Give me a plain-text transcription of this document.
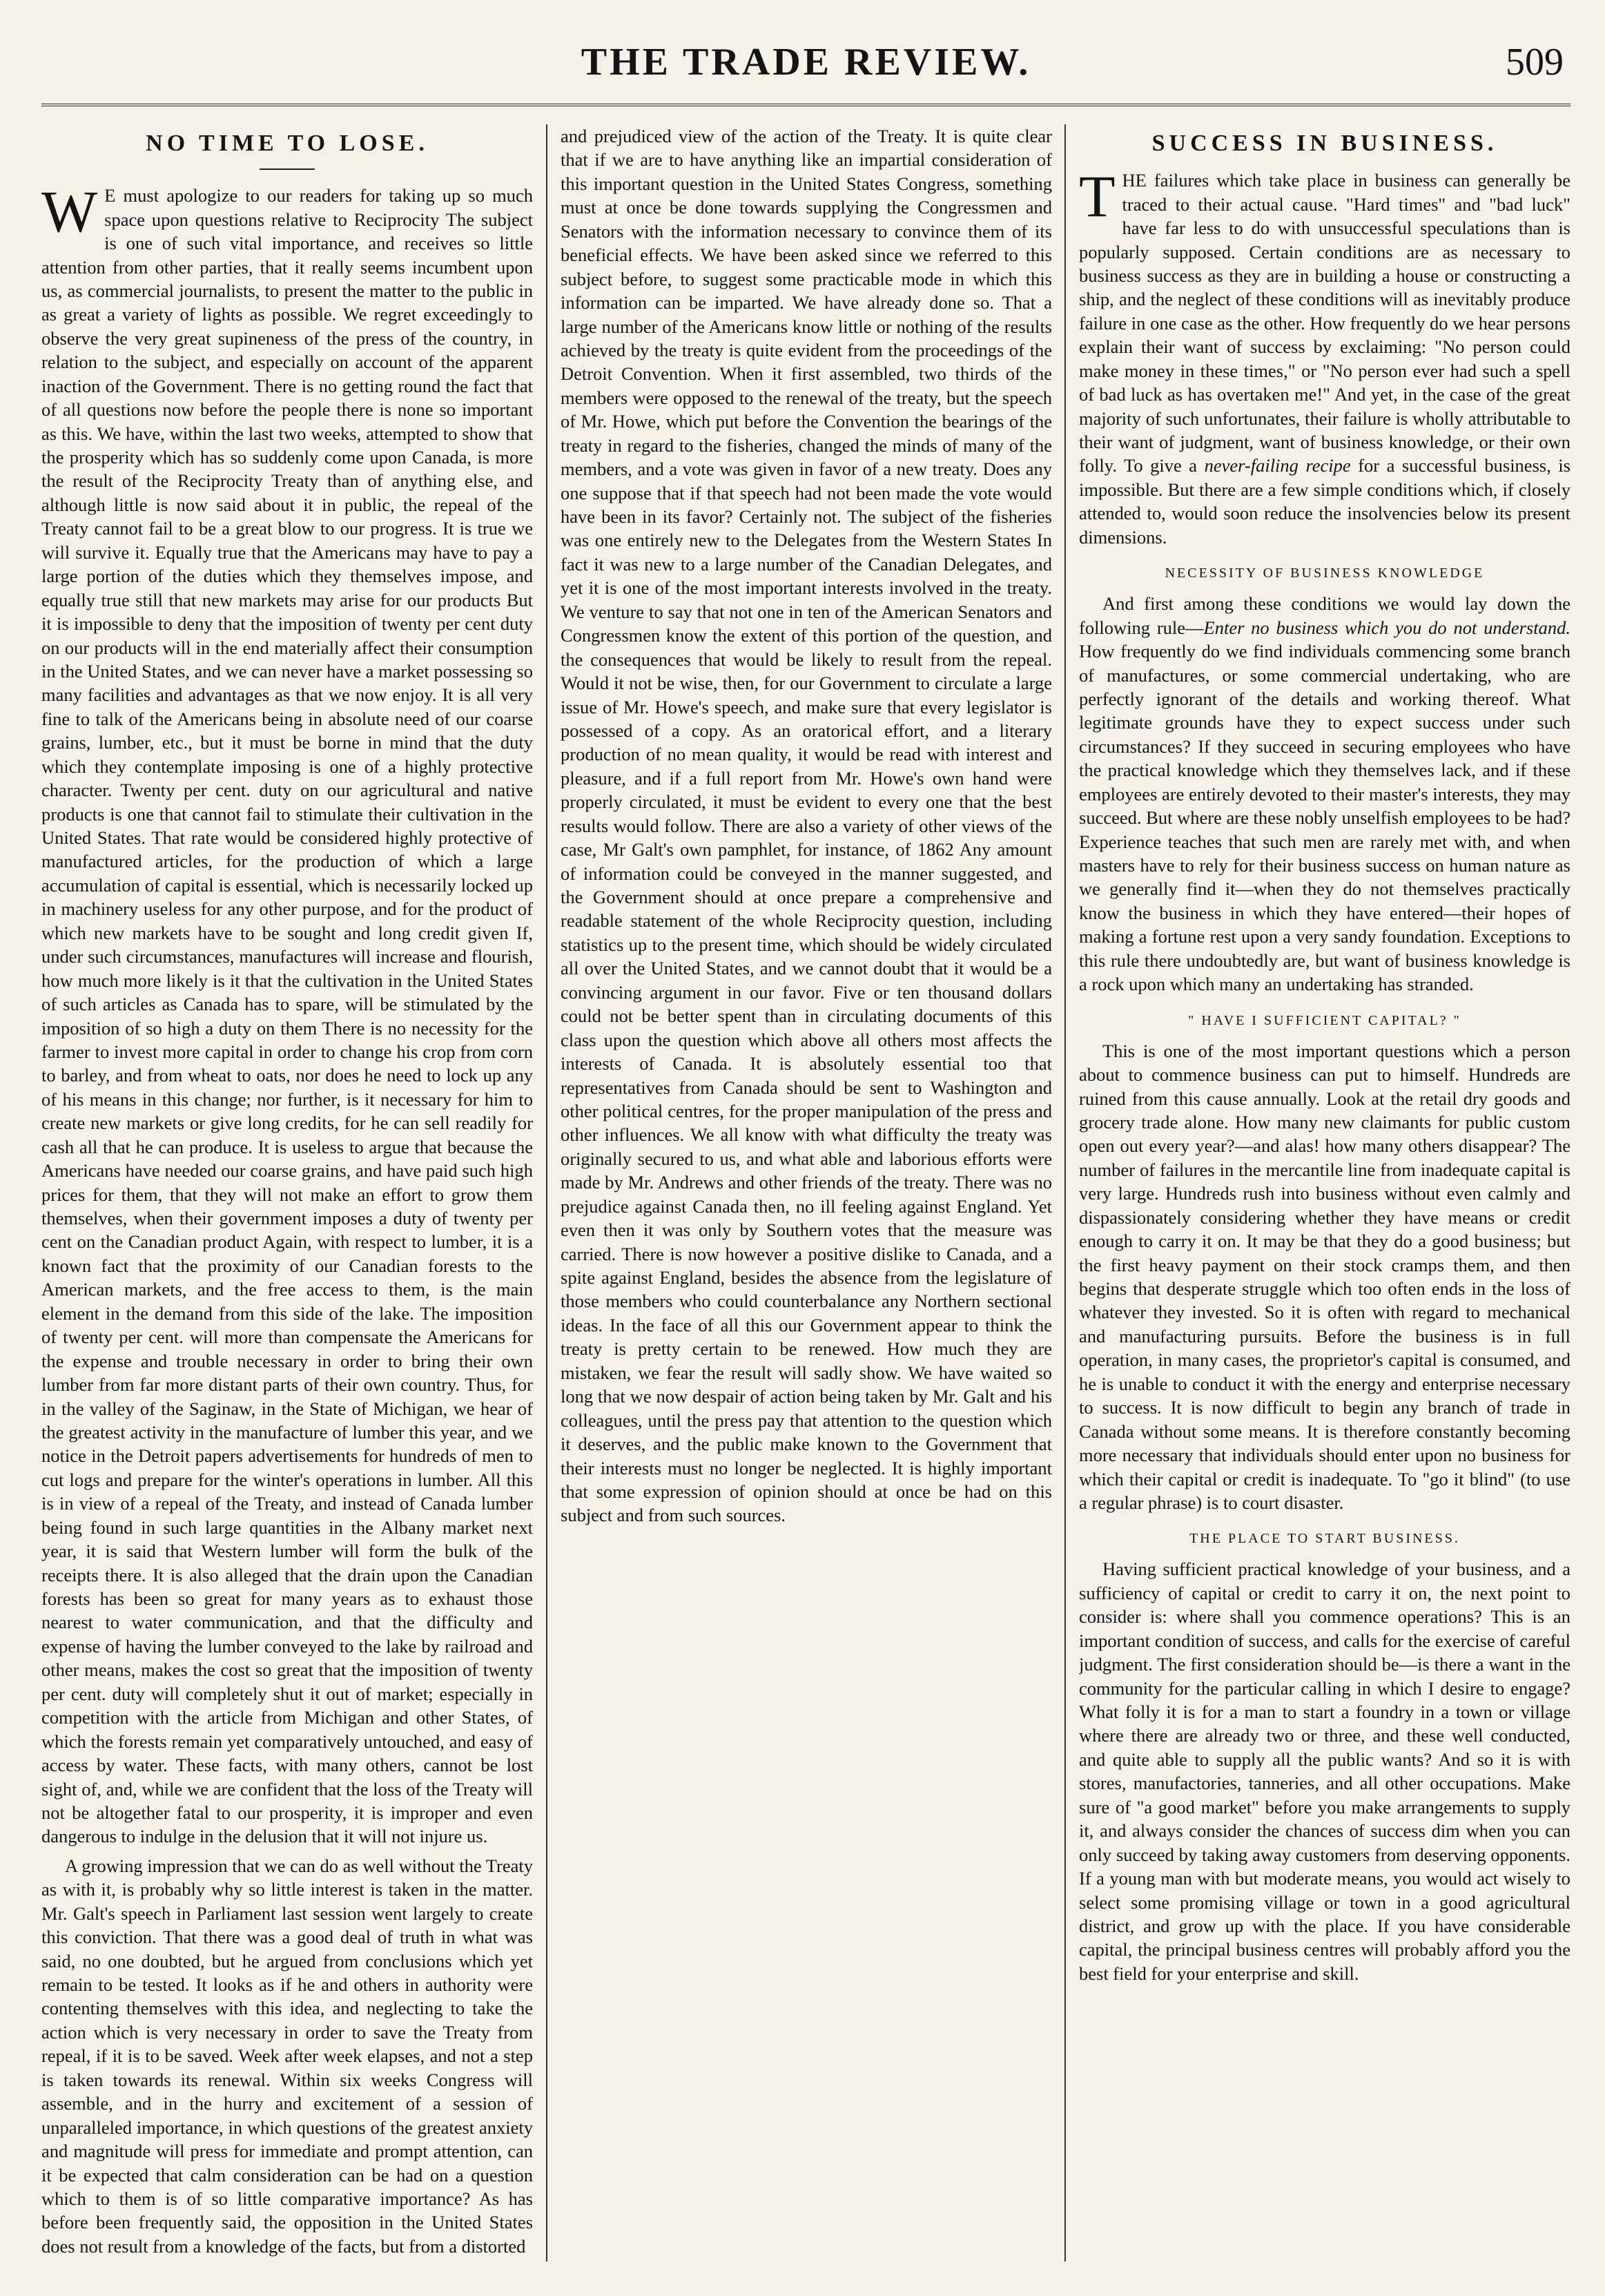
THE TRADE REVIEW.	509
NO TIME TO LOSE.

W E must apologize to our readers for taking up so much space upon questions relative to Reciprocity The subject is one of such vital importance, and receives so little attention from other parties, that it really seems incumbent upon us, as commercial journalists, to present the matter to the public in as great a variety of lights as possible. We regret exceedingly to observe the very great supineness of the press of the country, in relation to the subject, and especially on account of the apparent inaction of the Government. There is no getting round the fact that of all questions now before the people there is none so important as this. We have, within the last two weeks, attempted to show that the prosperity which has so suddenly come upon Canada, is more the result of the Reciprocity Treaty than of anything else, and although little is now said about it in public, the repeal of the Treaty cannot fail to be a great blow to our progress. It is true we will survive it. Equally true that the Americans may have to pay a large portion of the duties which they themselves impose, and equally true still that new markets may arise for our products But it is impossible to deny that the imposition of twenty per cent duty on our products will in the end materially affect their consumption in the United States, and we can never have a market possessing so many facilities and advantages as that we now enjoy. It is all very fine to talk of the Americans being in absolute need of our coarse grains, lumber, etc., but it must be borne in mind that the duty which they contemplate imposing is one of a highly protective character. Twenty per cent. duty on our agricultural and native products is one that cannot fail to stimulate their cultivation in the United States. That rate would be considered highly protective of manufactured articles, for the production of which a large accumulation of capital is essential, which is necessarily locked up in machinery useless for any other purpose, and for the product of which new markets have to be sought and long credit given If, under such circumstances, manufactures will increase and flourish, how much more likely is it that the cultivation in the United States of such articles as Canada has to spare, will be stimulated by the imposition of so high a duty on them There is no necessity for the farmer to invest more capital in order to change his crop from corn to barley, and from wheat to oats, nor does he need to lock up any of his means in this change; nor further, is it necessary for him to create new markets or give long credits, for he can sell readily for cash all that he can produce. It is useless to argue that because the Americans have needed our coarse grains, and have paid such high prices for them, that they will not make an effort to grow them themselves, when their government imposes a duty of twenty per cent on the Canadian product Again, with respect to lumber, it is a known fact that the proximity of our Canadian forests to the American markets, and the free access to them, is the main element in the demand from this side of the lake. The imposition of twenty per cent. will more than compensate the Americans for the expense and trouble necessary in order to bring their own lumber from far more distant parts of their own country. Thus, for in the valley of the Saginaw, in the State of Michigan, we hear of the greatest activity in the manufacture of lumber this year, and we notice in the Detroit papers advertisements for hundreds of men to cut logs and prepare for the winter's operations in lumber. All this is in view of a repeal of the Treaty, and instead of Canada lumber being found in such large quantities in the Albany market next year, it is said that Western lumber will form the bulk of the receipts there. It is also alleged that the drain upon the Canadian forests has been so great for many years as to exhaust those nearest to water communication, and that the difficulty and expense of having the lumber conveyed to the lake by railroad and other means, makes the cost so great that the imposition of twenty per cent. duty will completely shut it out of market; especially in competition with the article from Michigan and other States, of which the forests remain yet comparatively untouched, and easy of access by water. These facts, with many others, cannot be lost sight of, and, while we are confident that the loss of the Treaty will not be altogether fatal to our prosperity, it is improper and even dangerous to indulge in the delusion that it will not injure us.

A growing impression that we can do as well without the Treaty as with it, is probably why so little interest is taken in the matter. Mr. Galt's speech in Parliament last session went largely to create this conviction. That there was a good deal of truth in what was said, no one doubted, but he argued from conclusions which yet remain to be tested. It looks as if he and others in authority were contenting themselves with this idea, and neglecting to take the action which is very necessary in order to save the Treaty from repeal, if it is to be saved. Week after week elapses, and not a step is taken towards its renewal. Within six weeks Congress will assemble, and in the hurry and excitement of a session of unparalleled importance, in which questions of the greatest anxiety and magnitude will press for immediate and prompt attention, can it be expected that calm consideration can be had on a question which to them is of so little comparative importance? As has before been frequently said, the opposition in the United States does not result from a knowledge of the facts, but from a distorted

and prejudiced view of the action of the Treaty. It is quite clear that if we are to have anything like an impartial consideration of this important question in the United States Congress, something must at once be done towards supplying the Congressmen and Senators with the information necessary to convince them of its beneficial effects. We have been asked since we referred to this subject before, to suggest some practicable mode in which this information can be imparted. We have already done so. That a large number of the Americans know little or nothing of the results achieved by the treaty is quite evident from the proceedings of the Detroit Convention. When it first assembled, two thirds of the members were opposed to the renewal of the treaty, but the speech of Mr. Howe, which put before the Convention the bearings of the treaty in regard to the fisheries, changed the minds of many of the members, and a vote was given in favor of a new treaty. Does any one suppose that if that speech had not been made the vote would have been in its favor? Certainly not. The subject of the fisheries was one entirely new to the Delegates from the Western States In fact it was new to a large number of the Canadian Delegates, and yet it is one of the most important interests involved in the treaty. We venture to say that not one in ten of the American Senators and Congressmen know the extent of this portion of the question, and the consequences that would be likely to result from the repeal. Would it not be wise, then, for our Government to circulate a large issue of Mr. Howe's speech, and make sure that every legislator is possessed of a copy. As an oratorical effort, and a literary production of no mean quality, it would be read with interest and pleasure, and if a full report from Mr. Howe's own hand were properly circulated, it must be evident to every one that the best results would follow. There are also a variety of other views of the case, Mr Galt's own pamphlet, for instance, of 1862 Any amount of information could be conveyed in the manner suggested, and the Government should at once prepare a comprehensive and readable statement of the whole Reciprocity question, including statistics up to the present time, which should be widely circulated all over the United States, and we cannot doubt that it would be a convincing argument in our favor. Five or ten thousand dollars could not be better spent than in circulating documents of this class upon the question which above all others most affects the interests of Canada. It is absolutely essential too that representatives from Canada should be sent to Washington and other political centres, for the proper manipulation of the press and other influences. We all know with what difficulty the treaty was originally secured to us, and what able and laborious efforts were made by Mr. Andrews and other friends of the treaty. There was no prejudice against Canada then, no ill feeling against England. Yet even then it was only by Southern votes that the measure was carried. There is now however a positive dislike to Canada, and a spite against England, besides the absence from the legislature of those members who could counterbalance any Northern sectional ideas. In the face of all this our Government appear to think the treaty is pretty certain to be renewed. How much they are mistaken, we fear the result will sadly show. We have waited so long that we now despair of action being taken by Mr. Galt and his colleagues, until the press pay that attention to the question which it deserves, and the public make known to the Government that their interests must no longer be neglected. It is highly important that some expression of opinion should at once be had on this subject and from such sources.

SUCCESS IN BUSINESS.

THE failures which take place in business can generally be traced to their actual cause. "Hard times" and "bad luck" have far less to do with unsuccessful speculations than is popularly supposed. Certain conditions are as necessary to business success as they are in building a house or constructing a ship, and the neglect of these conditions will as inevitably produce failure in one case as the other. How frequently do we hear persons explain their want of success by exclaiming: "No person could make money in these times," or "No person ever had such a spell of bad luck as has overtaken me!" And yet, in the case of the great majority of such unfortunates, their failure is wholly attributable to their want of judgment, want of business knowledge, or their own folly. To give a never-failing recipe for a successful business, is impossible. But there are a few simple conditions which, if closely attended to, would soon reduce the insolvencies below its present dimensions.

NECESSITY OF BUSINESS KNOWLEDGE

And first among these conditions we would lay down the following rule—Enter no business which you do not understand. How frequently do we find individuals commencing some branch of manufactures, or some commercial undertaking, who are perfectly ignorant of the details and working thereof. What legitimate grounds have they to expect success under such circumstances? If they succeed in securing employees who have the practical knowledge which they themselves lack, and if these employees are entirely devoted to their master's interests, they may succeed. But where are these nobly unselfish employees to be had? Experience teaches that such men are rarely met with, and when masters have to rely for their business success on human nature as we generally find it—when they do not themselves practically know the business in which they have entered—their hopes of making a fortune rest upon a very sandy foundation. Exceptions to this rule there undoubtedly are, but want of business knowledge is a rock upon which many an undertaking has stranded.

" HAVE I SUFFICIENT CAPITAL? "

This is one of the most important questions which a person about to commence business can put to himself. Hundreds are ruined from this cause annually. Look at the retail dry goods and grocery trade alone. How many new claimants for public custom open out every year?—and alas! how many others disappear? The number of failures in the mercantile line from inadequate capital is very large. Hundreds rush into business without even calmly and dispassionately considering whether they have means or credit enough to carry it on. It may be that they do a good business; but the first heavy payment on their stock cramps them, and then begins that desperate struggle which too often ends in the loss of whatever they invested. So it is often with regard to mechanical and manufacturing pursuits. Before the business is in full operation, in many cases, the proprietor's capital is consumed, and he is unable to conduct it with the energy and enterprise necessary to success. It is now difficult to begin any branch of trade in Canada without some means. It is therefore constantly becoming more necessary that individuals should enter upon no business for which their capital or credit is inadequate. To "go it blind" (to use a regular phrase) is to court disaster.

THE PLACE TO START BUSINESS.

Having sufficient practical knowledge of your business, and a sufficiency of capital or credit to carry it on, the next point to consider is: where shall you commence operations? This is an important condition of success, and calls for the exercise of careful judgment. The first consideration should be—is there a want in the community for the particular calling in which I desire to engage? What folly it is for a man to start a foundry in a town or village where there are already two or three, and these well conducted, and quite able to supply all the public wants? And so it is with stores, manufactories, tanneries, and all other occupations. Make sure of "a good market" before you make arrangements to supply it, and always consider the chances of success dim when you can only succeed by taking away customers from deserving opponents. If a young man with but moderate means, you would act wisely to select some promising village or town in a good agricultural district, and grow up with the place. If you have considerable capital, the principal business centres will probably afford you the best field for your enterprise and skill.
